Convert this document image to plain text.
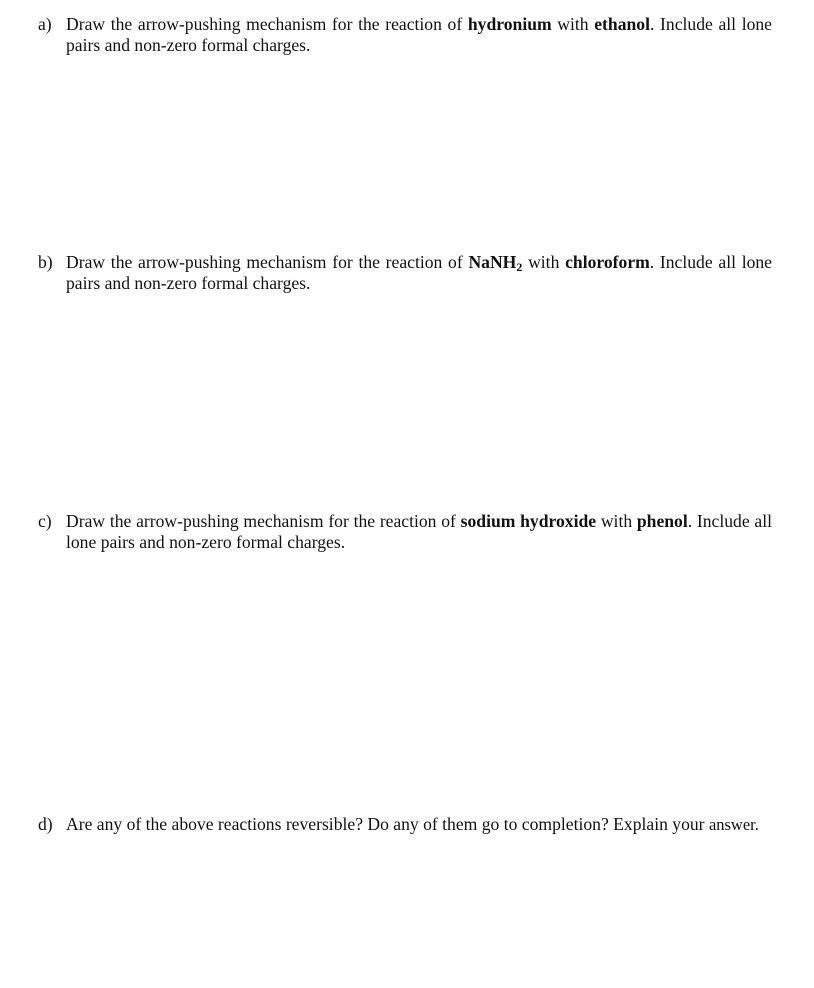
a) Draw the arrow-pushing mechanism for the reaction of hydronium with ethanol. Include all lone pairs and non-zero formal charges.
b) Draw the arrow-pushing mechanism for the reaction of NaNH$_2$ with chloroform. Include all lone pairs and non-zero formal charges.
c) Draw the arrow-pushing mechanism for the reaction of sodium hydroxide with phenol. Include all lone pairs and non-zero formal charges.
d) Are any of the above reactions reversible? Do any of them go to completion? Explain your answer.
